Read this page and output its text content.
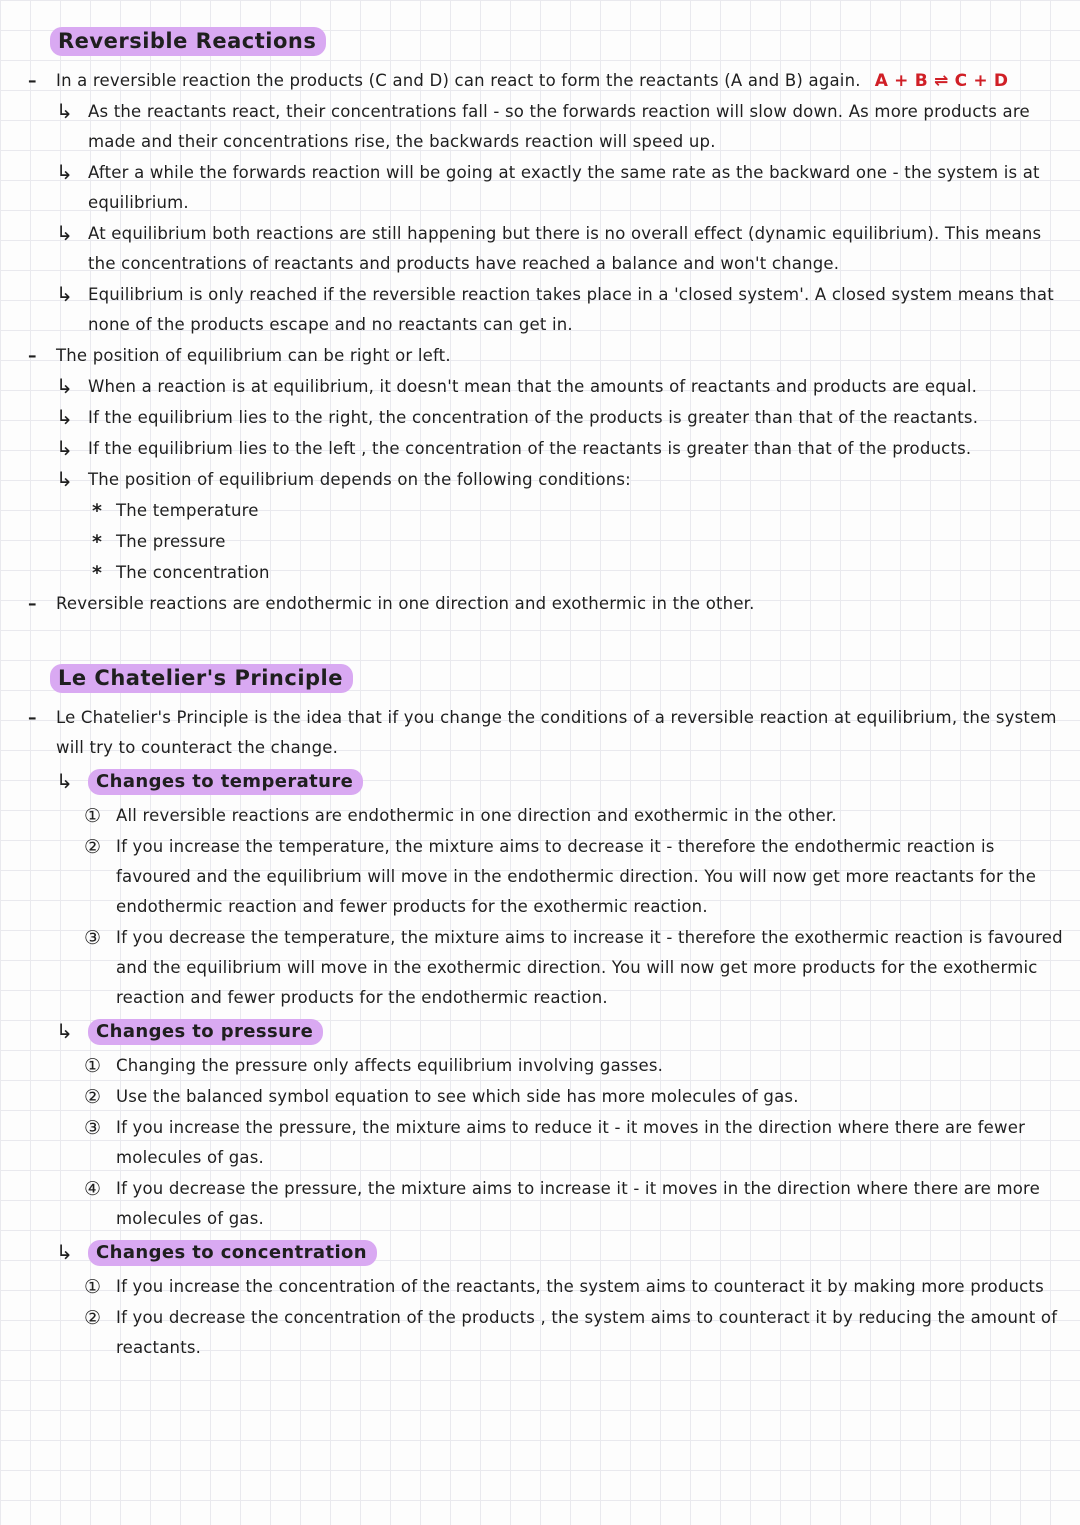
Reversible Reactions
– In a reversible reaction the products (C and D) can react to form the reactants (A and B) again. A + B ⇌ C + D
↳ As the reactants react, their concentrations fall - so the forwards reaction will slow down. As more products are made and their concentrations rise, the backwards reaction will speed up.
↳ After a while the forwards reaction will be going at exactly the same rate as the backward one - the system is at equilibrium.
↳ At equilibrium both reactions are still happening but there is no overall effect (dynamic equilibrium). This means the concentrations of reactants and products have reached a balance and won't change.
↳ Equilibrium is only reached if the reversible reaction takes place in a 'closed system'. A closed system means that none of the products escape and no reactants can get in.
– The position of equilibrium can be right or left.
↳ When a reaction is at equilibrium, it doesn't mean that the amounts of reactants and products are equal.
↳ If the equilibrium lies to the right, the concentration of the products is greater than that of the reactants.
↳ If the equilibrium lies to the left , the concentration of the reactants is greater than that of the products.
↳ The position of equilibrium depends on the following conditions:
* The temperature
* The pressure
* The concentration
– Reversible reactions are endothermic in one direction and exothermic in the other.
Le Chatelier's Principle
– Le Chatelier's Principle is the idea that if you change the conditions of a reversible reaction at equilibrium, the system will try to counteract the change.
↳ Changes to temperature
① All reversible reactions are endothermic in one direction and exothermic in the other.
② If you increase the temperature, the mixture aims to decrease it - therefore the endothermic reaction is favoured and the equilibrium will move in the endothermic direction. You will now get more reactants for the endothermic reaction and fewer products for the exothermic reaction.
③ If you decrease the temperature, the mixture aims to increase it - therefore the exothermic reaction is favoured and the equilibrium will move in the exothermic direction. You will now get more products for the exothermic reaction and fewer products for the endothermic reaction.
↳ Changes to pressure
① Changing the pressure only affects equilibrium involving gasses.
② Use the balanced symbol equation to see which side has more molecules of gas.
③ If you increase the pressure, the mixture aims to reduce it - it moves in the direction where there are fewer molecules of gas.
④ If you decrease the pressure, the mixture aims to increase it - it moves in the direction where there are more molecules of gas.
↳ Changes to concentration
① If you increase the concentration of the reactants, the system aims to counteract it by making more products
② If you decrease the concentration of the products , the system aims to counteract it by reducing the amount of reactants.
